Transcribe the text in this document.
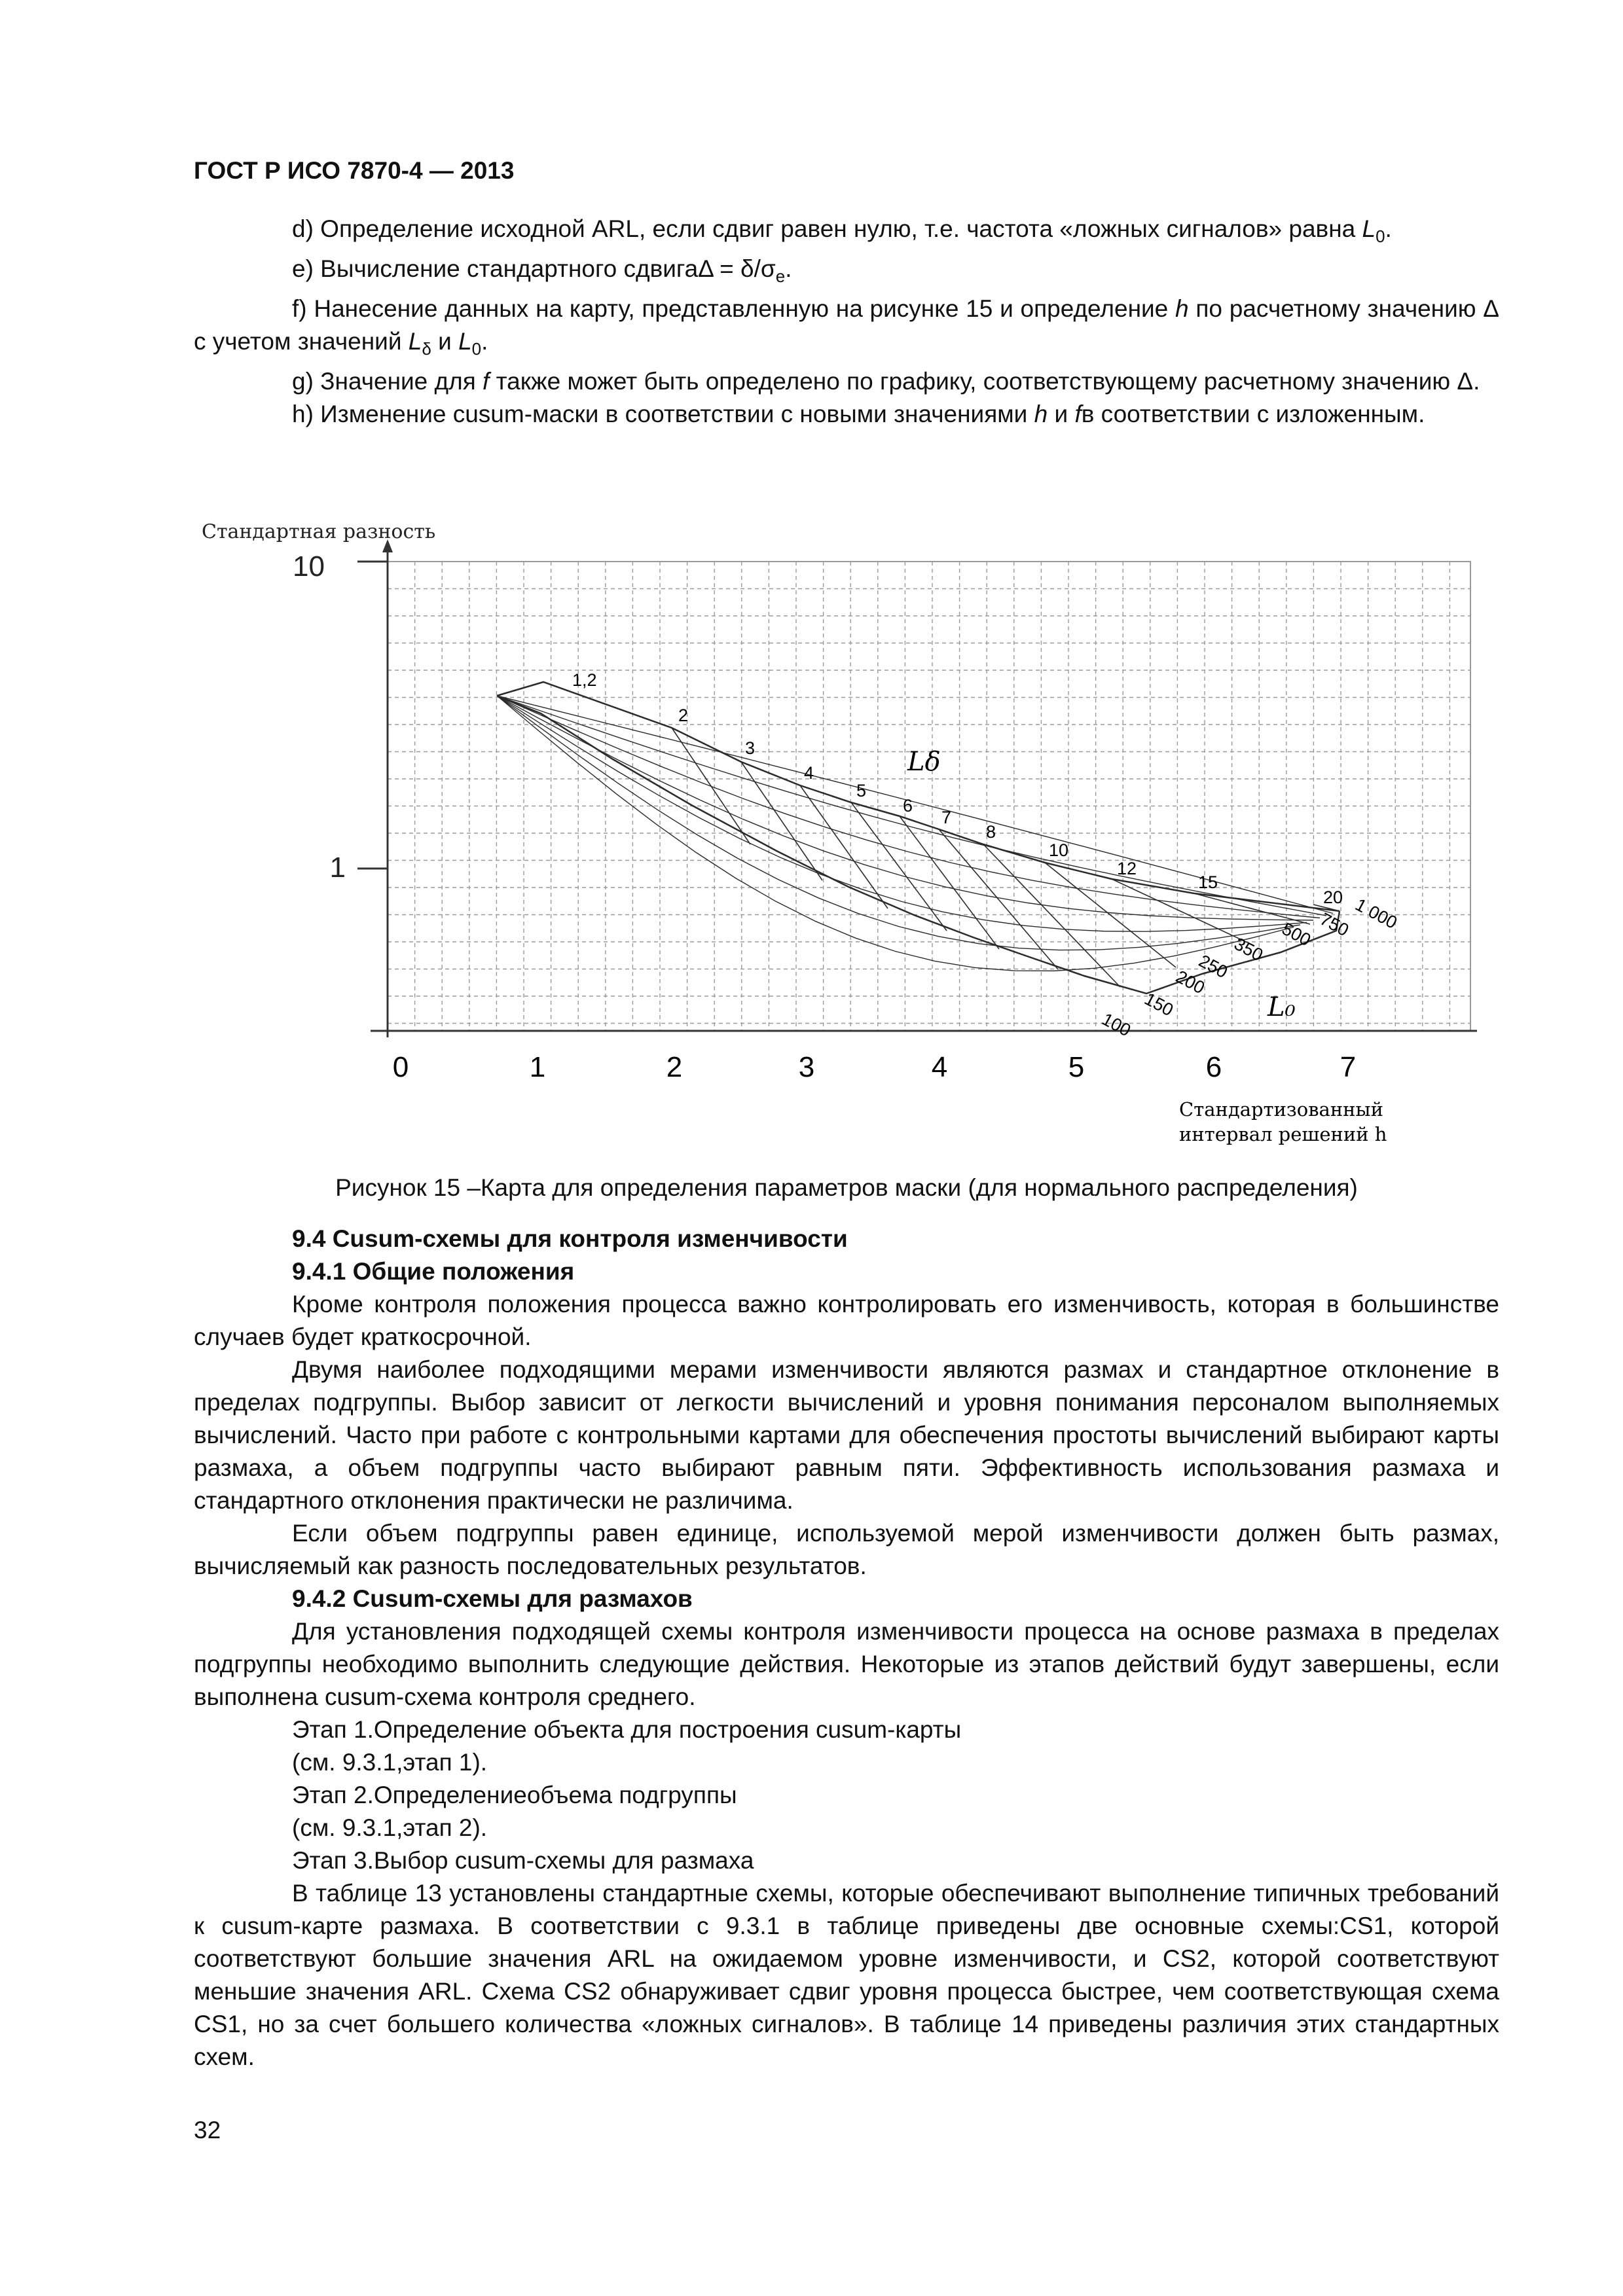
ГОСТ Р ИСО 7870-4 — 2013

d) Определение исходной ARL, если сдвиг равен нулю, т.е. частота «ложных сигналов» равна $L_0$.

e) Вычисление стандартного сдвигаΔ = $\delta/\sigma_e$.

f) Нанесение данных на карту, представленную на рисунке 15 и определение h по расчетному значению Δ с учетом значений $L_\delta$ и $L_0$.

g) Значение для f также может быть определено по графику, соответствующему расчетному значению Δ.

h) Изменение cusum-маски в соответствии с новыми значениями h и fв соответствии с изложенным.

Стандартная разность
10
1
0	1	2	3	4	5	6	7
Стандартизованный
интервал решений h
Lδ
L₀
1,2
2
3
4
5
6
7
8
10
12
15
20
100
150
200
250
350 500 750 1 000
Рисунок 15 –Карта для определения параметров маски (для нормального распределения)

9.4 Cusum-схемы для контроля изменчивости

9.4.1 Общие положения

Кроме контроля положения процесса важно контролировать его изменчивость, которая в большинстве случаев будет краткосрочной.

Двумя наиболее подходящими мерами изменчивости являются размах и стандартное отклонение в пределах подгруппы. Выбор зависит от легкости вычислений и уровня понимания персоналом выполняемых вычислений. Часто при работе с контрольными картами для обеспечения простоты вычислений выбирают карты размаха, а объем подгруппы часто выбирают равным пяти. Эффективность использования размаха и стандартного отклонения практически не различима.

Если объем подгруппы равен единице, используемой мерой изменчивости должен быть размах, вычисляемый как разность последовательных результатов.

9.4.2 Cusum-схемы для размахов

Для установления подходящей схемы контроля изменчивости процесса на основе размаха в пределах подгруппы необходимо выполнить следующие действия. Некоторые из этапов действий будут завершены, если выполнена cusum-схема контроля среднего.

Этап 1.Определение объекта для построения cusum-карты

(см. 9.3.1,этап 1).

Этап 2.Определениеобъема подгруппы

(см. 9.3.1,этап 2).

Этап 3.Выбор cusum-схемы для размаха

В таблице 13 установлены стандартные схемы, которые обеспечивают выполнение типичных требований к cusum-карте размаха. В соответствии с 9.3.1 в таблице приведены две основные схемы:CS1, которой соответствуют большие значения ARL на ожидаемом уровне изменчивости, и CS2, которой соответствуют меньшие значения ARL. Схема CS2 обнаруживает сдвиг уровня процесса быстрее, чем соответствующая схема CS1, но за счет большего количества «ложных сигналов». В таблице 14 приведены различия этих стандартных схем.

32
